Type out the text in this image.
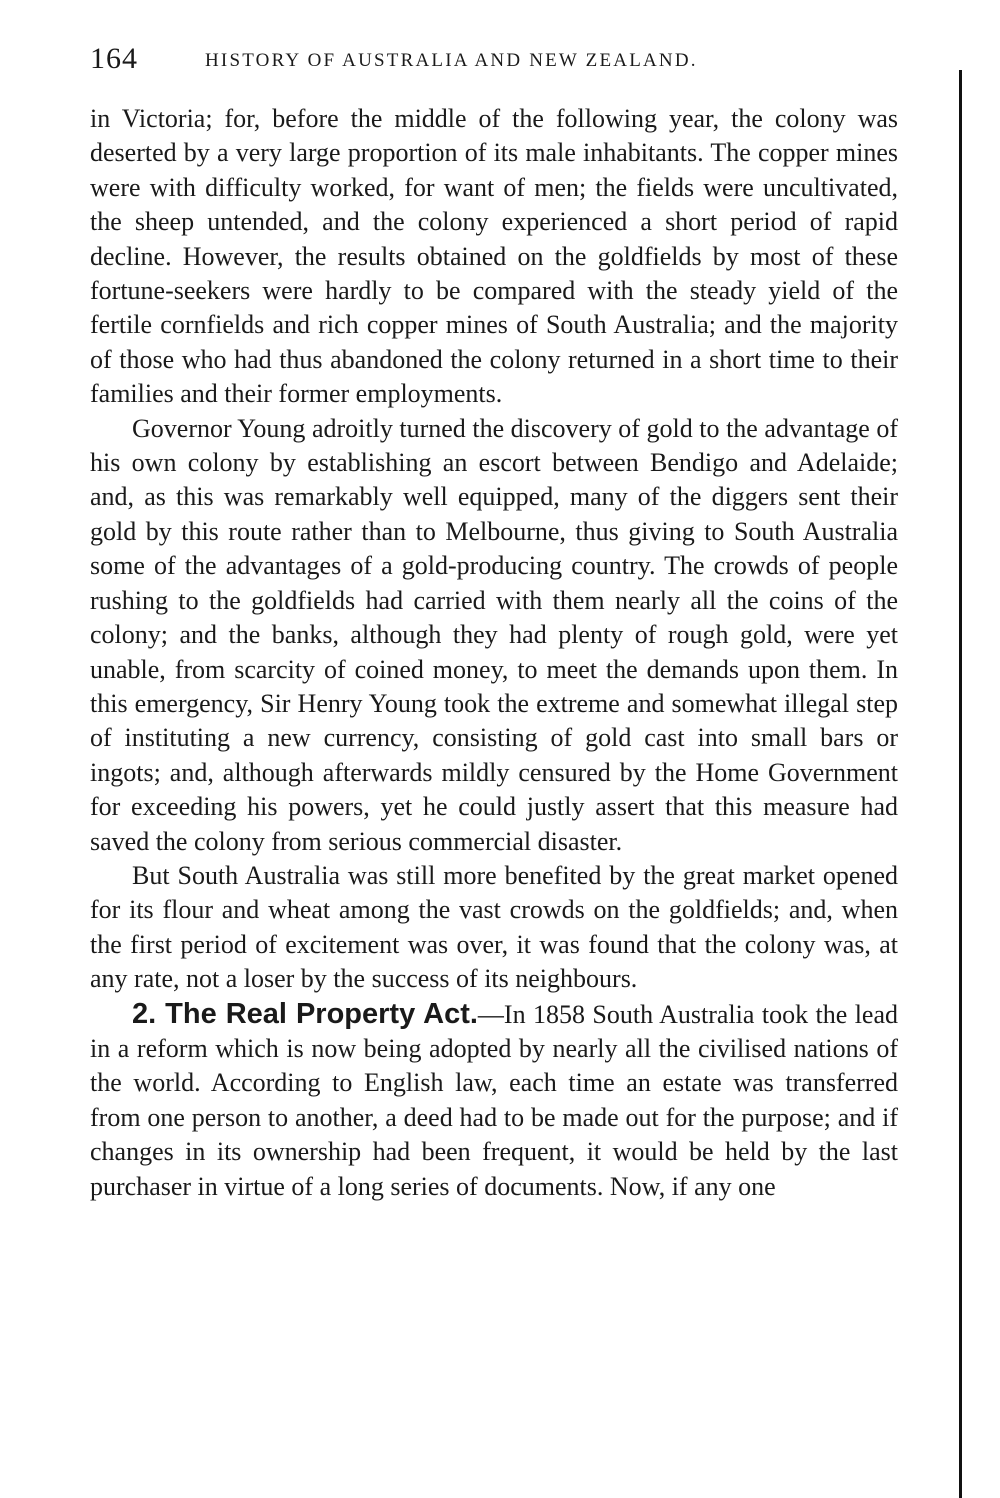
164	HISTORY OF AUSTRALIA AND NEW ZEALAND.

in Victoria; for, before the middle of the following year, the colony was deserted by a very large proportion of its male inhabitants. The copper mines were with difficulty worked, for want of men; the fields were uncultivated, the sheep untended, and the colony experienced a short period of rapid decline. However, the results obtained on the goldfields by most of these fortune-seekers were hardly to be compared with the steady yield of the fertile cornfields and rich copper mines of South Australia; and the majority of those who had thus abandoned the colony returned in a short time to their families and their former employments.

Governor Young adroitly turned the discovery of gold to the advantage of his own colony by establishing an escort between Bendigo and Adelaide; and, as this was remarkably well equipped, many of the diggers sent their gold by this route rather than to Melbourne, thus giving to South Australia some of the advantages of a gold-producing country. The crowds of people rushing to the goldfields had carried with them nearly all the coins of the colony; and the banks, although they had plenty of rough gold, were yet unable, from scarcity of coined money, to meet the demands upon them. In this emergency, Sir Henry Young took the extreme and somewhat illegal step of instituting a new currency, consisting of gold cast into small bars or ingots; and, although afterwards mildly censured by the Home Government for exceeding his powers, yet he could justly assert that this measure had saved the colony from serious commercial disaster.

But South Australia was still more benefited by the great market opened for its flour and wheat among the vast crowds on the goldfields; and, when the first period of excitement was over, it was found that the colony was, at any rate, not a loser by the success of its neighbours.

2. The Real Property Act.—In 1858 South Australia took the lead in a reform which is now being adopted by nearly all the civilised nations of the world. According to English law, each time an estate was transferred from one person to another, a deed had to be made out for the purpose; and if changes in its ownership had been frequent, it would be held by the last purchaser in virtue of a long series of documents. Now, if any one
